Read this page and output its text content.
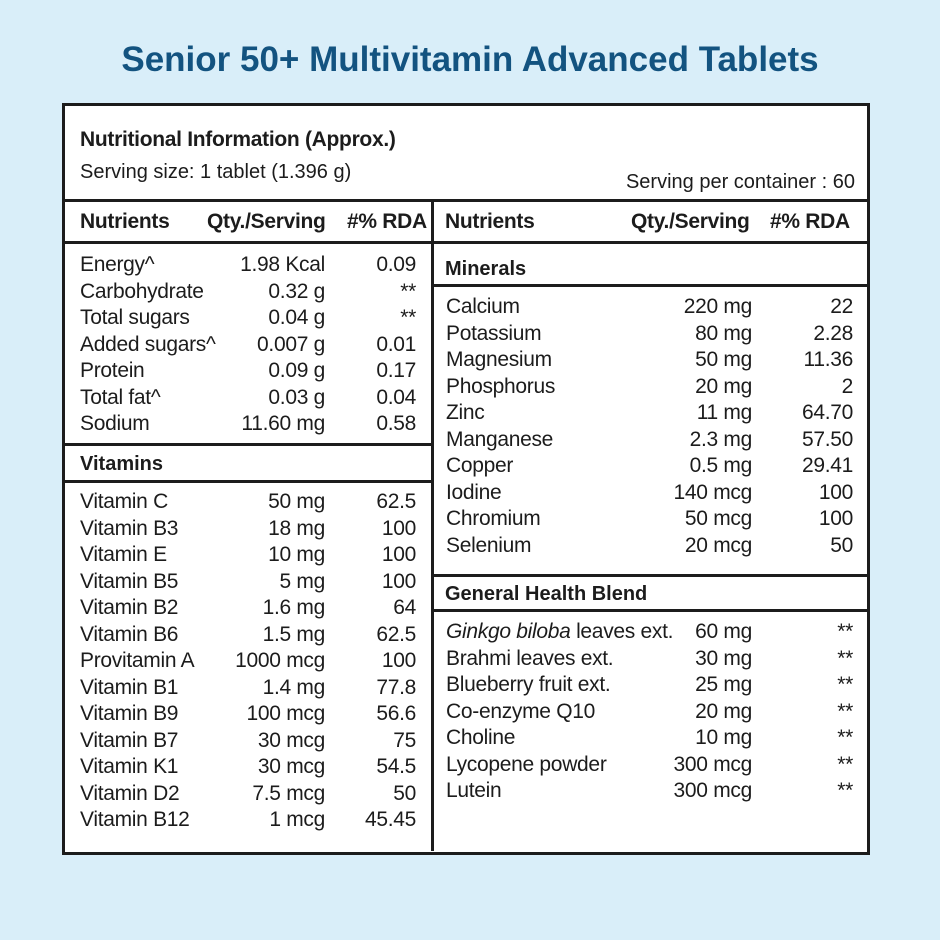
Senior 50+ Multivitamin Advanced Tablets
Nutritional Information (Approx.)
Serving size: 1 tablet (1.396 g)	Serving per container : 60
Nutrients Qty./Serving #% RDA Nutrients	Qty./Serving #% RDA
Vitamins
Minerals
General Health Blend
Energy^	1.98 Kcal 0.09
Carbohydrate	0.32 g	**
Total sugars	0.04 g	**
Added sugars^ 0.007 g 0.01
Protein	0.09 g 0.17
Total fat^	0.03 g 0.04
Sodium	11.60 mg 0.58
Vitamin C	50 mg 62.5
Vitamin B3	18 mg	100
Vitamin E	10 mg	100
Vitamin B5	5 mg	100
Vitamin B2	1.6 mg	64
Vitamin B6	1.5 mg 62.5
Provitamin A 1000 mcg	100
Vitamin B1	1.4 mg 77.8
Vitamin B9	100 mcg 56.6
Vitamin B7	30 mcg	75
Vitamin K1	30 mcg 54.5
Vitamin D2	7.5 mcg	50
Vitamin B12	1 mcg 45.45
Calcium	220 mg	22
Potassium	80 mg	2.28
Magnesium	50 mg 11.36
Phosphorus	20 mg	2
Zinc	11 mg 64.70
Manganese	2.3 mg 57.50
Copper	0.5 mg 29.41
Iodine	140 mcg	100
Chromium	50 mcg	100
Selenium	20 mcg	50
Ginkgo biloba leaves ext. 60 mg	**
Brahmi leaves ext.	30 mg	**
Blueberry fruit ext.	25 mg	**
Co-enzyme Q10	20 mg	**
Choline	10 mg	**
Lycopene powder	300 mcg	**
Lutein	300 mcg	**
